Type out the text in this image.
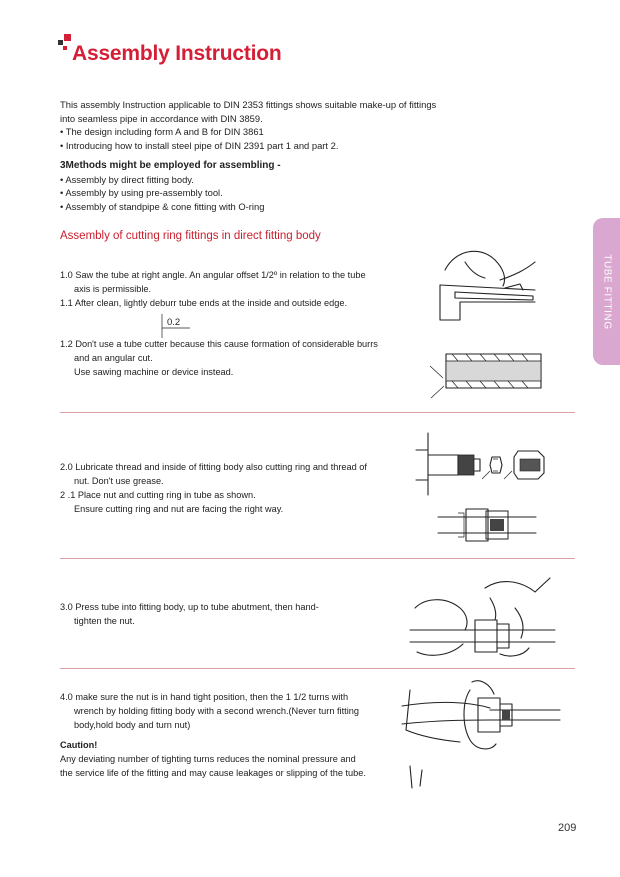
Assembly Instruction

This assembly Instruction applicable to DIN 2353 fittings shows suitable make-up of fittings

into seamless pipe in accordance with DIN 3859.

• The design including form A and B for DIN 3861

• Introducing how to install steel pipe of DIN 2391 part 1 and part 2.

3Methods might be employed for assembling -

• Assembly by direct fitting body.

• Assembly by using pre-assembly tool.

• Assembly of standpipe & cone fitting with O-ring

Assembly of cutting ring fittings in direct fitting body
TUBE FITTING

1.0 Saw the tube at right angle. An angular offset 1/2º in relation to the tube

axis is permissible.

1.1 After clean, lightly deburr tube ends at the inside and outside edge.

0.2

1.2 Don't use a tube cutter because this cause formation of considerable burrs

and an angular cut.

Use sawing machine or device instead.

2.0 Lubricate thread and inside of fitting body also cutting ring and thread of

nut. Don't use grease.

2 .1 Place nut and cutting ring in tube as shown.

Ensure cutting ring and nut are facing the right way.

3.0 Press tube into fitting body, up to tube abutment, then hand-

tighten the nut.

4.0 make sure the nut is in hand tight position, then the 1 1/2 turns with

wrench by holding fitting body with a second wrench.(Never turn fitting

body,hold body and turn nut)

Caution!

Any deviating number of tighting turns reduces the nominal pressure and

the service life of the fitting and may cause leakages or slipping of the tube.

209
